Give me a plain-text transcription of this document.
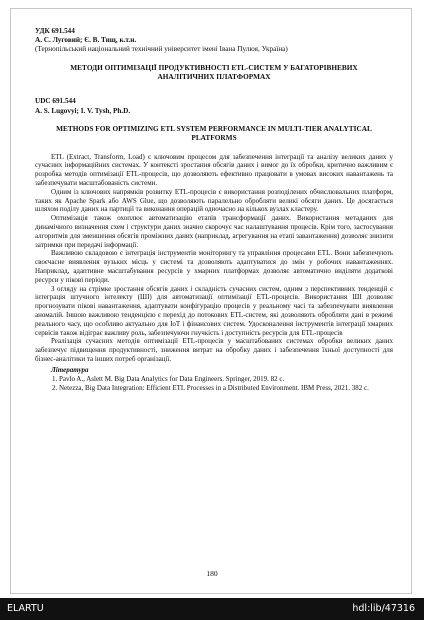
УДК 691.544
А. С. Луговий; Є. В. Тищ, к.т.н.
(Тернопільський національний технічний університет імені Івана Пулюя, Україна)
МЕТОДИ ОПТИМІЗАЦІЇ ПРОДУКТИВНОСТІ ETL-СИСТЕМ У БАГАТОРІВНЕВИХ АНАЛІТИЧНИХ ПЛАТФОРМАХ
UDC 691.544
A. S. Lugovyi; I. V. Tysh, Ph.D.
METHODS FOR OPTIMIZING ETL SYSTEM PERFORMANCE IN MULTI-TIER ANALYTICAL PLATFORMS

ETL (Extract, Transform, Load) є ключовим процесом для забезпечення інтеграції та аналізу великих даних у сучасних інформаційних системах. У контексті зростання обсягів даних і вимог до їх обробки, критично важливим є розробка методів оптимізації ETL-процесів, що дозволяють ефективно працювати в умовах високих навантажень та забезпечувати масштабованість системи.

Одним із ключових напрямків розвитку ETL-процесів є використання розподілених обчислювальних платформ, таких як Apache Spark або AWS Glue, що дозволяють паралельно обробляти великі обсяги даних. Це досягається шляхом поділу даних на партиції та виконання операцій одночасно на кількох вузлах кластеру.

Оптимізація також охоплює автоматизацію етапів трансформації даних. Використання метаданих для динамічного визначення схем і структури даних значно скорочує час налаштування процесів. Крім того, застосування алгоритмів для зменшення обсягів проміжних даних (наприклад, агрегування на етапі завантаження) дозволяє знизити затримки при передачі інформації.

Важливою складовою є інтеграція інструментів моніторингу та управління процесами ETL. Вони забезпечують своєчасне виявлення вузьких місць у системі та дозволяють адаптуватися до змін у робочих навантаженнях. Наприклад, адаптивне масштабування ресурсів у хмарних платформах дозволяє автоматично виділяти додаткові ресурси у пікові періоди.

З огляду на стрімке зростання обсягів даних і складність сучасних систем, одним з перспективних тенденцій є інтеграція штучного інтелекту (ШІ) для автоматизації оптимізації ETL-процесів. Використання ШІ дозволяє прогнозувати пікові навантаження, адаптувати конфігурацію процесів у реальному часі та забезпечувати виявлення аномалій. Іншою важливою тенденцією є перехід до потокових ETL-систем, які дозволяють обробляти дані в режимі реального часу, що особливо актуально для IoT і фінансових систем. Удосконалення інструментів інтеграції хмарних сервісів також відіграє важливу роль, забезпечуючи гнучкість і доступність ресурсів для ETL-процесів

Реалізація сучасних методів оптимізації ETL-процесів у масштабованих системах обробки великих даних забезпечує підвищення продуктивності, зниження витрат на обробку даних і забезпечення їхньої доступності для бізнес-аналітики та інших потреб організації.

Література
1. Pavlo A., Aslett M. Big Data Analytics for Data Engineers. Springer, 2019. 82 с.
2. Netezza, Big Data Integration: Efficient ETL Processes in a Distributed Environment. IBM Press, 2021. 382 с.
180
ELARTU	hdl:lib/47316
